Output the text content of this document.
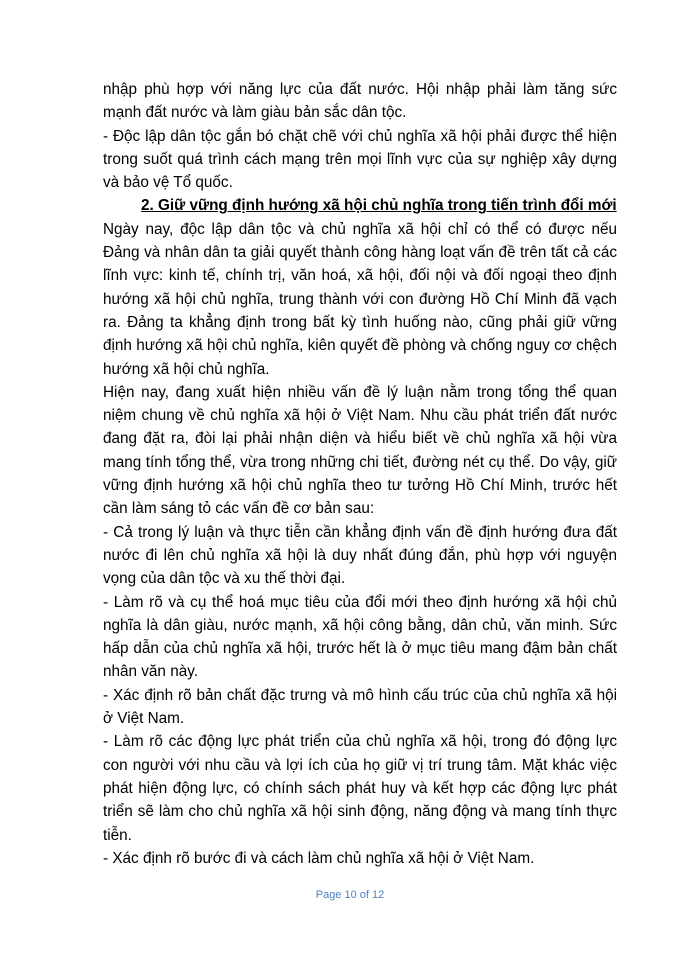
nhập phù hợp với năng lực của đất nước. Hội nhập phải làm tăng sức mạnh đất nước và làm giàu bản sắc dân tộc.

- Độc lập dân tộc gắn bó chặt chẽ với chủ nghĩa xã hội phải được thể hiện trong suốt quá trình cách mạng trên mọi lĩnh vực của sự nghiệp xây dựng và bảo vệ Tổ quốc.

2. Giữ vững định hướng xã hội chủ nghĩa trong tiến trình đổi mới

Ngày nay, độc lập dân tộc và chủ nghĩa xã hội chỉ có thể có được nếu Đảng và nhân dân ta giải quyết thành công hàng loạt vấn đề trên tất cả các lĩnh vực: kinh tế, chính trị, văn hoá, xã hội, đối nội và đối ngoại theo định hướng xã hội chủ nghĩa, trung thành với con đường Hồ Chí Minh đã vạch ra. Đảng ta khẳng định trong bất kỳ tình huống nào, cũng phải giữ vững định hướng xã hội chủ nghĩa, kiên quyết đề phòng và chống nguy cơ chệch hướng xã hội chủ nghĩa.

Hiện nay, đang xuất hiện nhiều vấn đề lý luận nằm trong tổng thể quan niệm chung về chủ nghĩa xã hội ở Việt Nam. Nhu cầu phát triển đất nước đang đặt ra, đòi lại phải nhận diện và hiểu biết về chủ nghĩa xã hội vừa mang tính tổng thể, vừa trong những chi tiết, đường nét cụ thể. Do vậy, giữ vững định hướng xã hội chủ nghĩa theo tư tưởng Hồ Chí Minh, trước hết cần làm sáng tỏ các vấn đề cơ bản sau:

- Cả trong lý luận và thực tiễn cần khẳng định vấn đề định hướng đưa đất nước đi lên chủ nghĩa xã hội là duy nhất đúng đắn, phù hợp với nguyện vọng của dân tộc và xu thế thời đại.

- Làm rõ và cụ thể hoá mục tiêu của đổi mới theo định hướng xã hội chủ nghĩa là dân giàu, nước mạnh, xã hội công bằng, dân chủ, văn minh. Sức hấp dẫn của chủ nghĩa xã hội, trước hết là ở mục tiêu mang đậm bản chất nhân văn này.

- Xác định rõ bản chất đặc trưng và mô hình cấu trúc của chủ nghĩa xã hội ở Việt Nam.

- Làm rõ các động lực phát triển của chủ nghĩa xã hội, trong đó động lực con người với nhu cầu và lợi ích của họ giữ vị trí trung tâm. Mặt khác việc phát hiện động lực, có chính sách phát huy và kết hợp các động lực phát triển sẽ làm cho chủ nghĩa xã hội sinh động, năng động và mang tính thực tiễn.

- Xác định rõ bước đi và cách làm chủ nghĩa xã hội ở Việt Nam.

Page 10 of 12
